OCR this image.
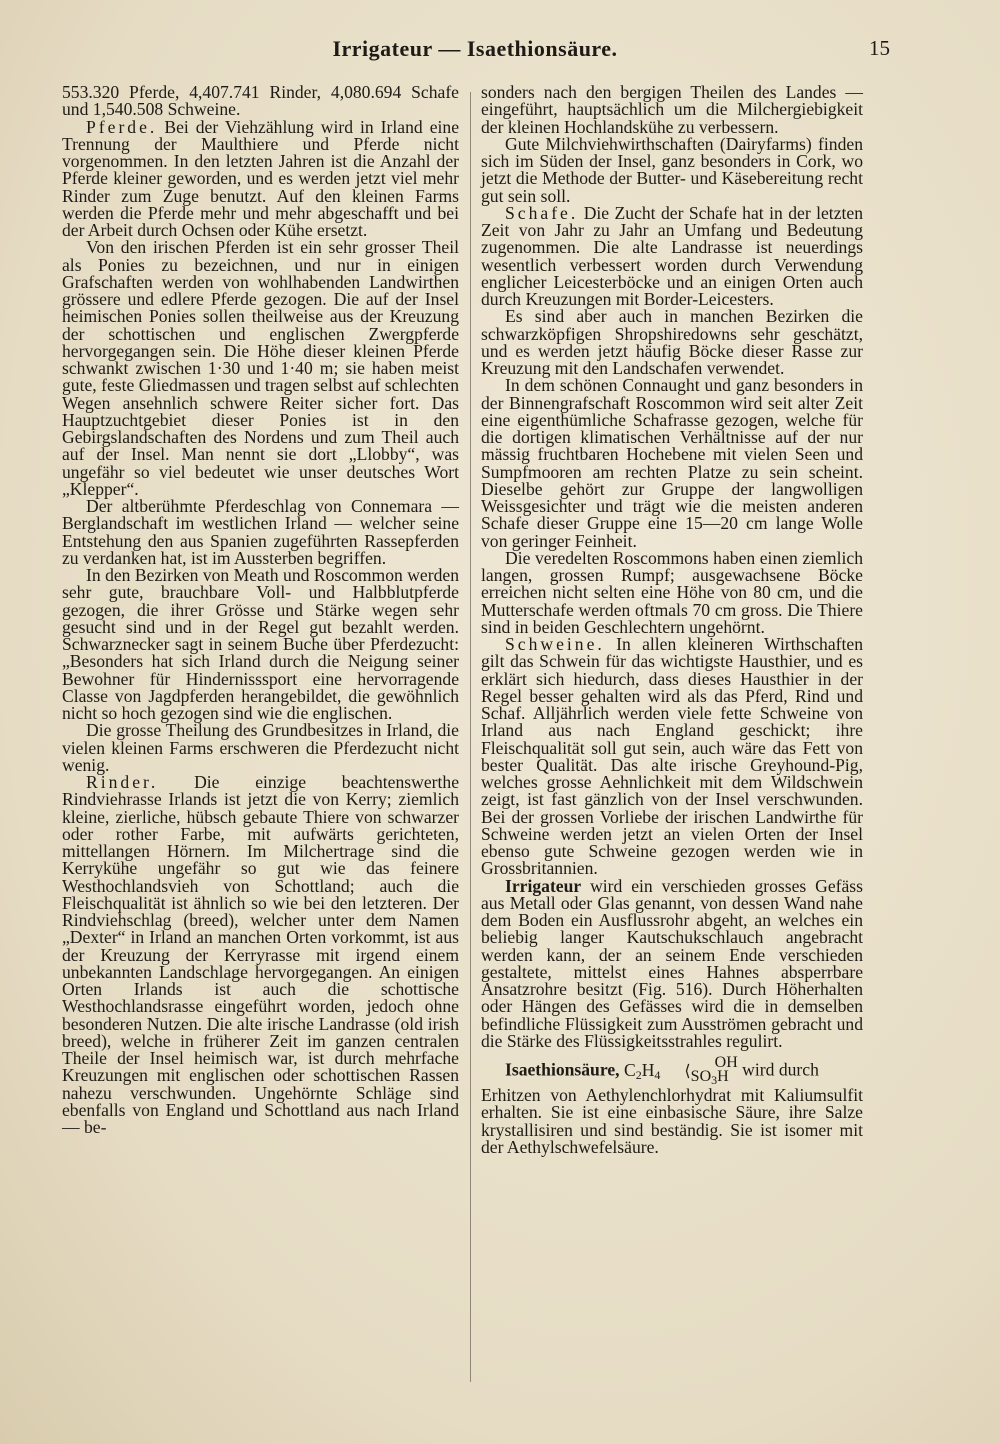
Irrigateur — Isaethionsäure.	15

553.320 Pferde, 4,407.741 Rinder, 4,080.694 Schafe und 1,540.508 Schweine.

Pferde. Bei der Viehzählung wird in Irland eine Trennung der Maulthiere und Pferde nicht vorgenommen. In den letzten Jahren ist die Anzahl der Pferde kleiner geworden, und es werden jetzt viel mehr Rinder zum Zuge benutzt. Auf den kleinen Farms werden die Pferde mehr und mehr abgeschafft und bei der Arbeit durch Ochsen oder Kühe ersetzt.

Von den irischen Pferden ist ein sehr grosser Theil als Ponies zu bezeichnen, und nur in einigen Grafschaften werden von wohlhabenden Landwirthen grössere und edlere Pferde gezogen. Die auf der Insel heimischen Ponies sollen theilweise aus der Kreuzung der schottischen und englischen Zwergpferde hervorgegangen sein. Die Höhe dieser kleinen Pferde schwankt zwischen 1·30 und 1·40 m; sie haben meist gute, feste Gliedmassen und tragen selbst auf schlechten Wegen ansehnlich schwere Reiter sicher fort. Das Hauptzuchtgebiet dieser Ponies ist in den Gebirgslandschaften des Nordens und zum Theil auch auf der Insel. Man nennt sie dort „Llobby“, was ungefähr so viel bedeutet wie unser deutsches Wort „Klepper“.

Der altberühmte Pferdeschlag von Connemara — Berglandschaft im westlichen Irland — welcher seine Entstehung den aus Spanien zugeführten Rassepferden zu verdanken hat, ist im Aussterben begriffen.

In den Bezirken von Meath und Roscommon werden sehr gute, brauchbare Voll- und Halbblutpferde gezogen, die ihrer Grösse und Stärke wegen sehr gesucht sind und in der Regel gut bezahlt werden. Schwarznecker sagt in seinem Buche über Pferdezucht: „Besonders hat sich Irland durch die Neigung seiner Bewohner für Hindernisssport eine hervorragende Classe von Jagdpferden herangebildet, die gewöhnlich nicht so hoch gezogen sind wie die englischen.

Die grosse Theilung des Grundbesitzes in Irland, die vielen kleinen Farms erschweren die Pferdezucht nicht wenig.

Rinder. Die einzige beachtenswerthe Rindviehrasse Irlands ist jetzt die von Kerry; ziemlich kleine, zierliche, hübsch gebaute Thiere von schwarzer oder rother Farbe, mit aufwärts gerichteten, mittellangen Hörnern. Im Milchertrage sind die Kerrykühe ungefähr so gut wie das feinere Westhochlandsvieh von Schottland; auch die Fleischqualität ist ähnlich so wie bei den letzteren. Der Rindviehschlag (breed), welcher unter dem Namen „Dexter“ in Irland an manchen Orten vorkommt, ist aus der Kreuzung der Kerryrasse mit irgend einem unbekannten Landschlage hervorgegangen. An einigen Orten Irlands ist auch die schottische Westhochlandsrasse eingeführt worden, jedoch ohne besonderen Nutzen. Die alte irische Landrasse (old irish breed), welche in früherer Zeit im ganzen centralen Theile der Insel heimisch war, ist durch mehrfache Kreuzungen mit englischen oder schottischen Rassen nahezu verschwunden. Ungehörnte Schläge sind ebenfalls von England und Schottland aus nach Irland — be-

sonders nach den bergigen Theilen des Landes — eingeführt, hauptsächlich um die Milchergiebigkeit der kleinen Hochlandskühe zu verbessern.

Gute Milchviehwirthschaften (Dairyfarms) finden sich im Süden der Insel, ganz besonders in Cork, wo jetzt die Methode der Butter- und Käsebereitung recht gut sein soll.

Schafe. Die Zucht der Schafe hat in der letzten Zeit von Jahr zu Jahr an Umfang und Bedeutung zugenommen. Die alte Landrasse ist neuerdings wesentlich verbessert worden durch Verwendung englicher Leicesterböcke und an einigen Orten auch durch Kreuzungen mit Border-Leicesters.

Es sind aber auch in manchen Bezirken die schwarzköpfigen Shropshiredowns sehr geschätzt, und es werden jetzt häufig Böcke dieser Rasse zur Kreuzung mit den Landschafen verwendet.

In dem schönen Connaught und ganz besonders in der Binnengrafschaft Roscommon wird seit alter Zeit eine eigenthümliche Schafrasse gezogen, welche für die dortigen klimatischen Verhältnisse auf der nur mässig fruchtbaren Hochebene mit vielen Seen und Sumpfmooren am rechten Platze zu sein scheint. Dieselbe gehört zur Gruppe der langwolligen Weissgesichter und trägt wie die meisten anderen Schafe dieser Gruppe eine 15—20 cm lange Wolle von geringer Feinheit.

Die veredelten Roscommons haben einen ziemlich langen, grossen Rumpf; ausgewachsene Böcke erreichen nicht selten eine Höhe von 80 cm, und die Mutterschafe werden oftmals 70 cm gross. Die Thiere sind in beiden Geschlechtern ungehörnt.

Schweine. In allen kleineren Wirthschaften gilt das Schwein für das wichtigste Hausthier, und es erklärt sich hiedurch, dass dieses Hausthier in der Regel besser gehalten wird als das Pferd, Rind und Schaf. Alljährlich werden viele fette Schweine von Irland aus nach England geschickt; ihre Fleischqualität soll gut sein, auch wäre das Fett von bester Qualität. Das alte irische Greyhound-Pig, welches grosse Aehnlichkeit mit dem Wildschwein zeigt, ist fast gänzlich von der Insel verschwunden. Bei der grossen Vorliebe der irischen Landwirthe für Schweine werden jetzt an vielen Orten der Insel ebenso gute Schweine gezogen werden wie in Grossbritannien.

Irrigateur wird ein verschieden grosses Gefäss aus Metall oder Glas genannt, von dessen Wand nahe dem Boden ein Ausflussrohr abgeht, an welches ein beliebig langer Kautschukschlauch angebracht werden kann, der an seinem Ende verschieden gestaltete, mittelst eines Hahnes absperrbare Ansatzrohre besitzt (Fig. 516). Durch Höherhalten oder Hängen des Gefässes wird die in demselben befindliche Flüssigkeit zum Ausströmen gebracht und die Stärke des Flüssigkeitsstrahles regulirt.

Isaethionsäure, $C_2H_4$ ⟨ OH
$SO_3H$ wird durch

Erhitzen von Aethylenchlorhydrat mit Kaliumsulfit erhalten. Sie ist eine einbasische Säure, ihre Salze krystallisiren und sind beständig. Sie ist isomer mit der Aethylschwefelsäure.
